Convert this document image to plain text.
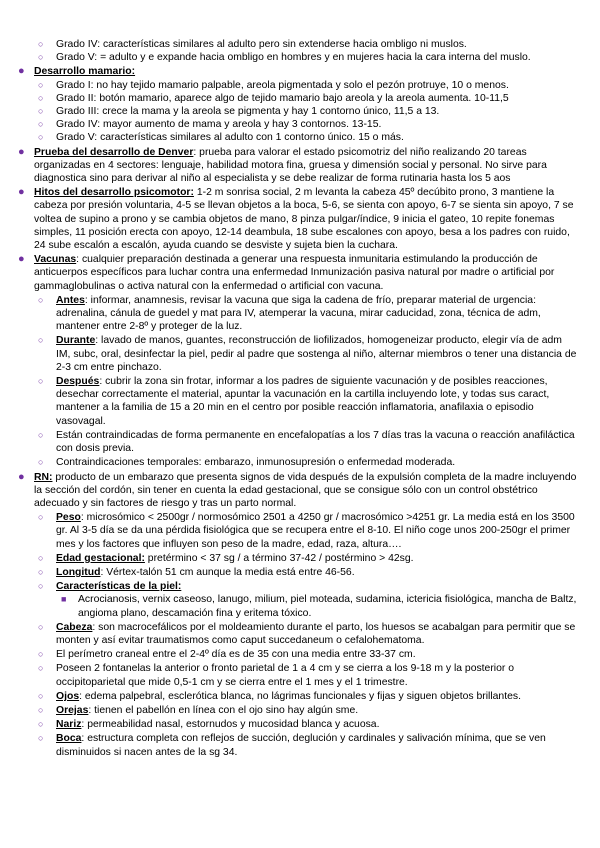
○ Grado IV: características similares al adulto pero sin extenderse hacia ombligo ni muslos.
○ Grado V: = adulto y e expande hacia ombligo en hombres y en mujeres hacia la cara interna del muslo.
● Desarrollo mamario:
○ Grado I: no hay tejido mamario palpable, areola pigmentada y solo el pezón protruye, 10 o menos.
○ Grado II: botón mamario, aparece algo de tejido mamario bajo areola y la areola aumenta. 10-11,5
○ Grado III: crece la mama y la areola se pigmenta y hay 1 contorno único, 11,5 a 13.
○ Grado IV: mayor aumento de mama y areola y hay 3 contornos. 13-15.
○ Grado V: características similares al adulto con 1 contorno único. 15 o más.
● Prueba del desarrollo de Denver: prueba para valorar el estado psicomotriz del niño realizando 20 tareas organizadas en 4 sectores: lenguaje, habilidad motora fina, gruesa y dimensión social y personal. No sirve para diagnostica sino para derivar al niño al especialista y se debe realizar de forma rutinaria hasta los 5 aos
● Hitos del desarrollo psicomotor: 1-2 m sonrisa social, 2 m levanta la cabeza 45º decúbito prono, 3 mantiene la cabeza por presión voluntaria, 4-5 se llevan objetos a la boca, 5-6, se sienta con apoyo, 6-7 se sienta sin apoyo, 7 se voltea de supino a prono y se cambia objetos de mano, 8 pinza pulgar/índice, 9 inicia el gateo, 10 repite fonemas simples, 11 posición erecta con apoyo, 12-14 deambula, 18 sube escalones con apoyo, besa a los padres con ruido, 24 sube escalón a escalón, ayuda cuando se desviste y sujeta bien la cuchara.
● Vacunas: cualquier preparación destinada a generar una respuesta inmunitaria estimulando la producción de anticuerpos específicos para luchar contra una enfermedad Inmunización pasiva natural por madre o artificial por gammaglobulinas o activa natural con la enfermedad o artificial con vacuna.
○ Antes: informar, anamnesis, revisar la vacuna que siga la cadena de frío, preparar material de urgencia: adrenalina, cánula de guedel y mat para IV, atemperar la vacuna, mirar caducidad, zona, técnica de adm, mantener entre 2-8º y proteger de la luz.
○ Durante: lavado de manos, guantes, reconstrucción de liofilizados, homogeneizar producto, elegir vía de adm IM, subc, oral, desinfectar la piel, pedir al padre que sostenga al niño, alternar miembros o tener una distancia de 2-3 cm entre pinchazo.
○ Después: cubrir la zona sin frotar, informar a los padres de siguiente vacunación y de posibles reacciones, desechar correctamente el material, apuntar la vacunación en la cartilla incluyendo lote, y todas sus caract, mantener a la familia de 15 a 20 min en el centro por posible reacción inflamatoria, anafilaxia o episodio vasovagal.
○ Están contraindicadas de forma permanente en encefalopatías a los 7 días tras la vacuna o reacción anafiláctica con dosis previa.
○ Contraindicaciones temporales: embarazo, inmunosupresión o enfermedad moderada.
● RN: producto de un embarazo que presenta signos de vida después de la expulsión completa de la madre incluyendo la sección del cordón, sin tener en cuenta la edad gestacional, que se consigue sólo con un control obstétrico adecuado y sin factores de riesgo y tras un parto normal.
○ Peso: microsómico < 2500gr / normosómico 2501 a 4250 gr / macrosómico >4251 gr. La media está en los 3500 gr. Al 3-5 día se da una pérdida fisiológica que se recupera entre el 8-10. El niño coge unos 200-250gr el primer mes y los factores que influyen son peso de la madre, edad, raza, altura….
○ Edad gestacional: pretérmino < 37 sg / a término 37-42 / postérmino > 42sg.
○ Longitud: Vértex-talón 51 cm aunque la media está entre 46-56.
○ Características de la piel:
■ Acrocianosis, vernix caseoso, lanugo, milium, piel moteada, sudamina, ictericia fisiológica, mancha de Baltz, angioma plano, descamación fina y eritema tóxico.
○ Cabeza: son macrocefálicos por el moldeamiento durante el parto, los huesos se acabalgan para permitir que se monten y así evitar traumatismos como caput succedaneum o cefalohematoma.
○ El perímetro craneal entre el 2-4º día es de 35 con una media entre 33-37 cm.
○ Poseen 2 fontanelas la anterior o fronto parietal de 1 a 4 cm y se cierra a los 9-18 m y la posterior o occipitoparietal que mide 0,5-1 cm y se cierra entre el 1 mes y el 1 trimestre.
○ Ojos: edema palpebral, esclerótica blanca, no lágrimas funcionales y fijas y siguen objetos brillantes.
○ Orejas: tienen el pabellón en línea con el ojo sino hay algún sme.
○ Nariz: permeabilidad nasal, estornudos y mucosidad blanca y acuosa.
○ Boca: estructura completa con reflejos de succión, deglución y cardinales y salivación mínima, que se ven disminuidos si nacen antes de la sg 34.
